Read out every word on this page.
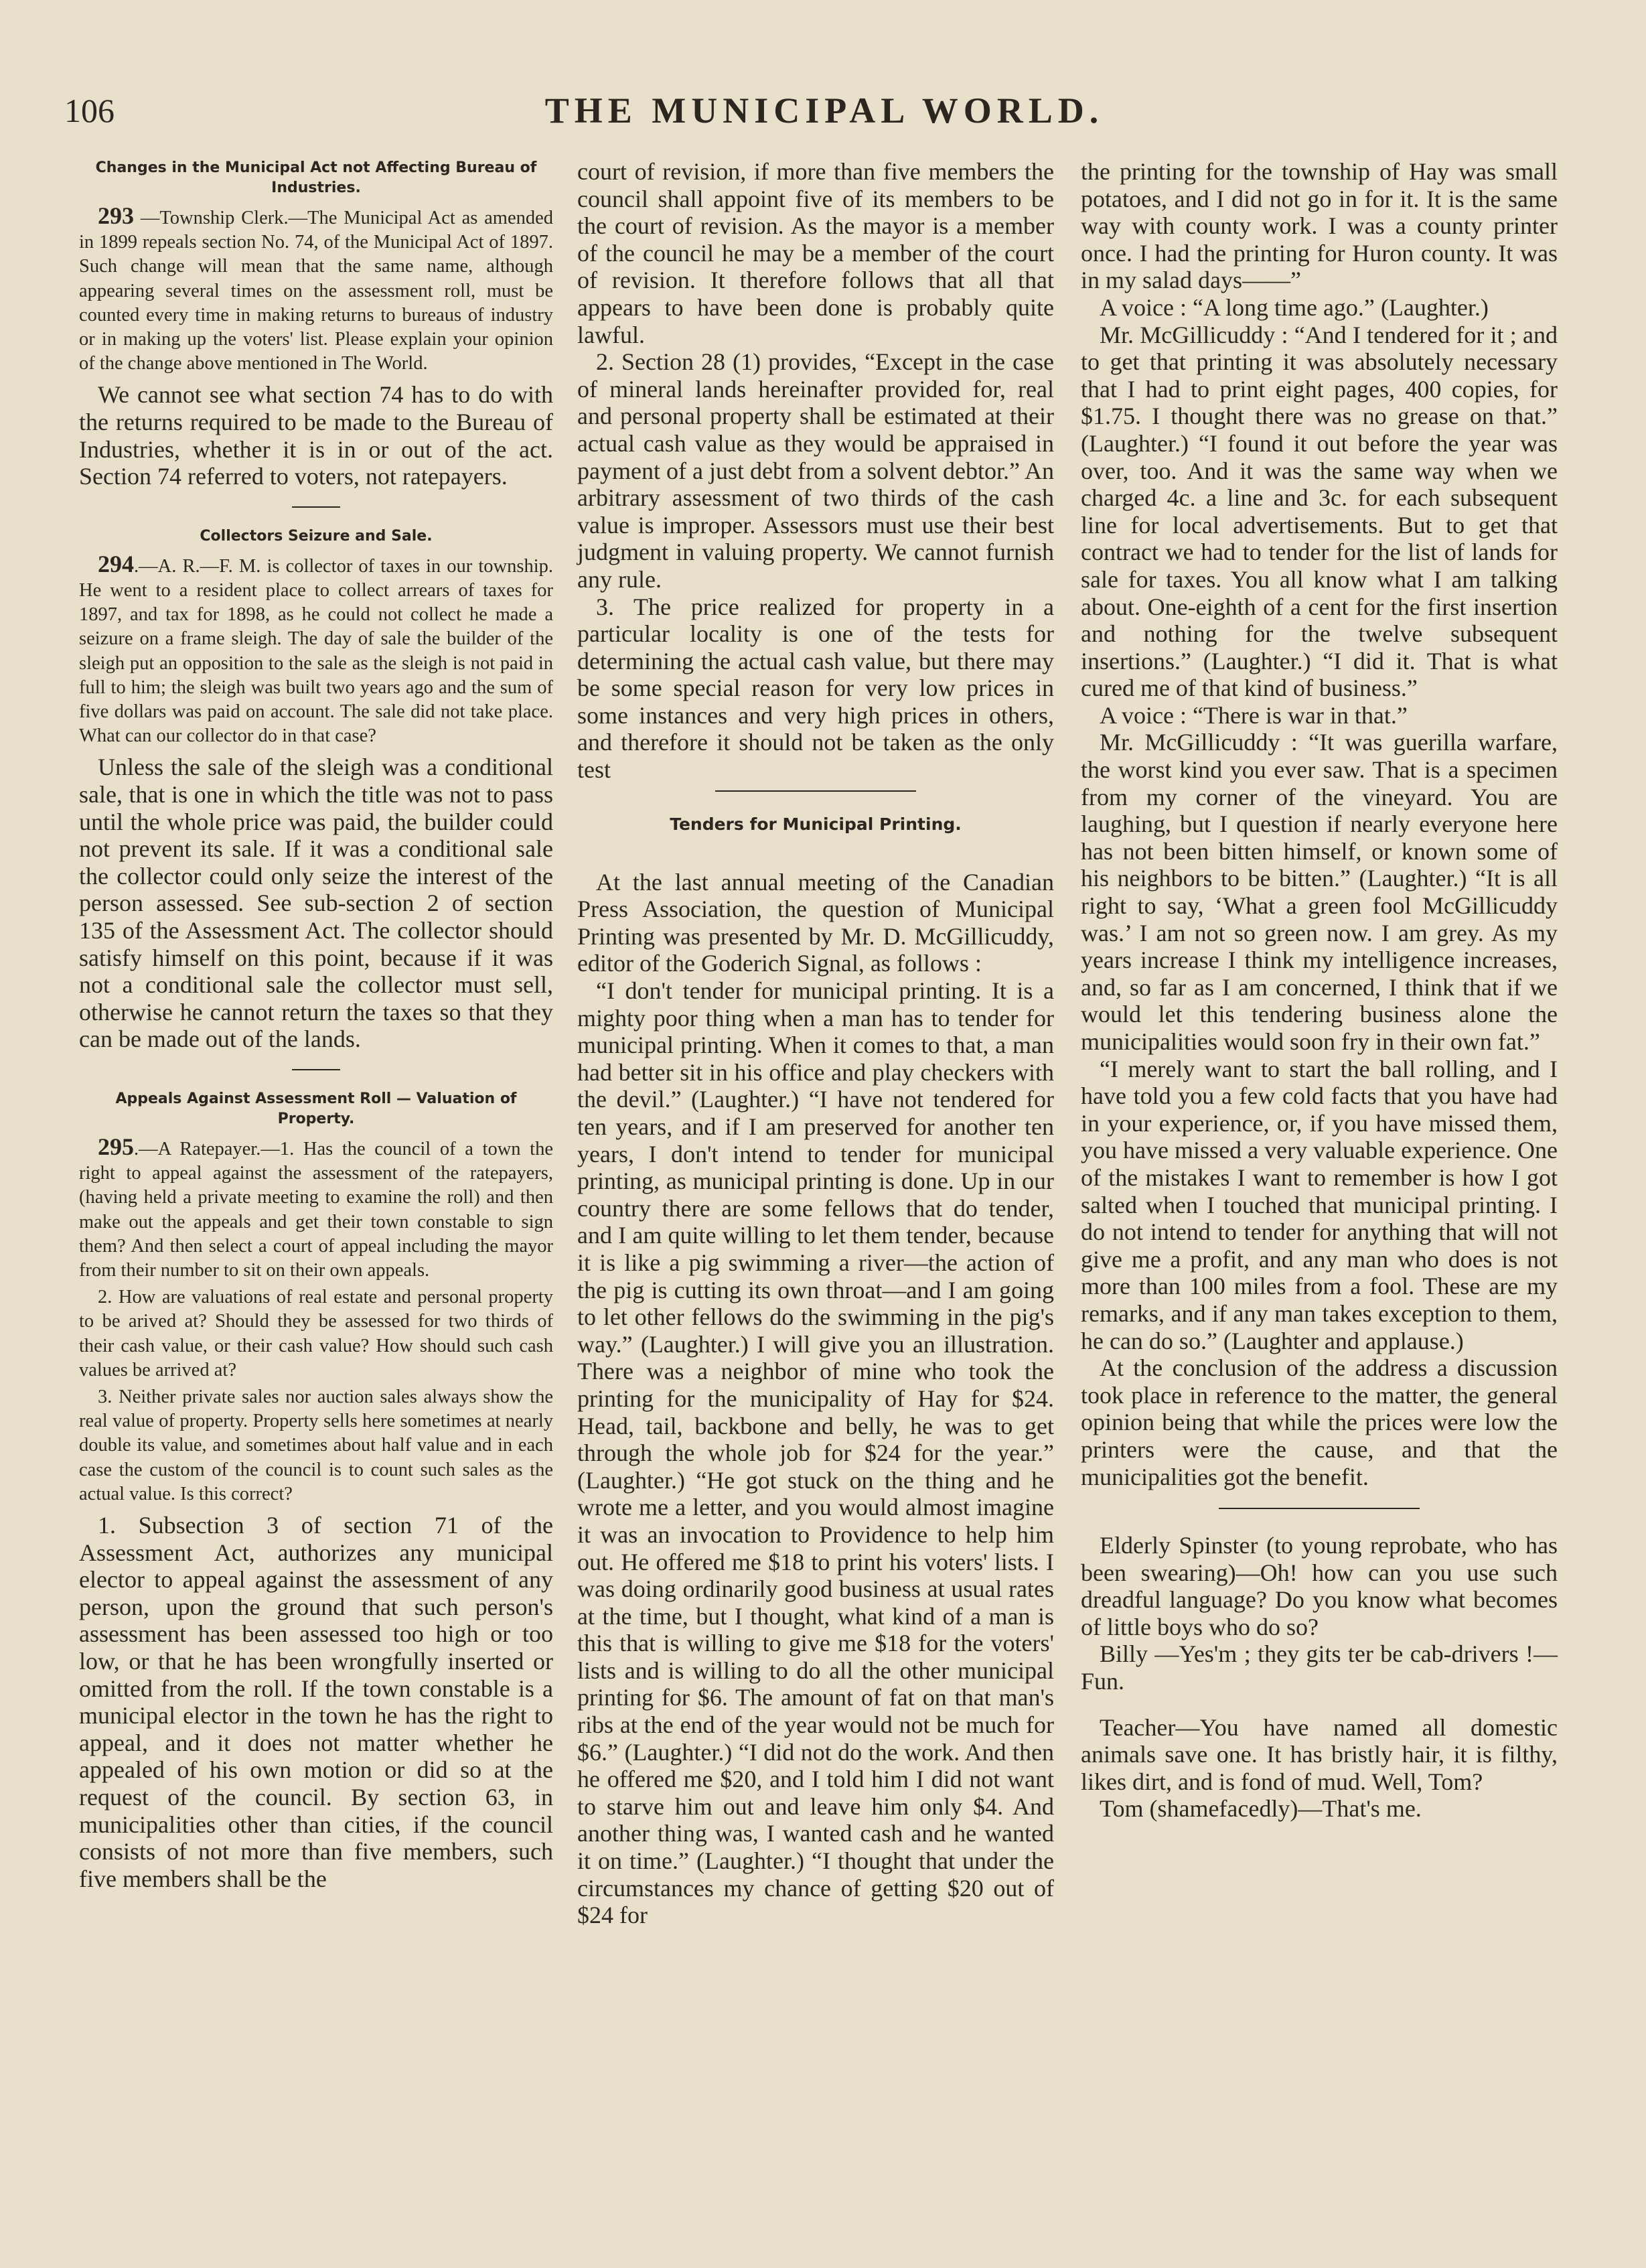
106	THE MUNICIPAL WORLD.
Changes in the Municipal Act not Affecting Bureau of Industries.

293 —Township Clerk.—The Municipal Act as amended in 1899 repeals section No. 74, of the Municipal Act of 1897. Such change will mean that the same name, although appearing several times on the assessment roll, must be counted every time in making returns to bureaus of industry or in making up the voters' list. Please explain your opinion of the change above mentioned in The World.

We cannot see what section 74 has to do with the returns required to be made to the Bureau of Industries, whether it is in or out of the act. Section 74 referred to voters, not ratepayers.

Collectors Seizure and Sale.

294.—A. R.—F. M. is collector of taxes in our township. He went to a resident place to collect arrears of taxes for 1897, and tax for 1898, as he could not collect he made a seizure on a frame sleigh. The day of sale the builder of the sleigh put an opposition to the sale as the sleigh is not paid in full to him; the sleigh was built two years ago and the sum of five dollars was paid on account. The sale did not take place. What can our collector do in that case?

Unless the sale of the sleigh was a conditional sale, that is one in which the title was not to pass until the whole price was paid, the builder could not prevent its sale. If it was a conditional sale the collector could only seize the interest of the person assessed. See sub-section 2 of section 135 of the Assessment Act. The collector should satisfy himself on this point, because if it was not a conditional sale the collector must sell, otherwise he cannot return the taxes so that they can be made out of the lands.

Appeals Against Assessment Roll — Valuation of Property.

295.—A Ratepayer.—1. Has the council of a town the right to appeal against the assessment of the ratepayers, (having held a private meeting to examine the roll) and then make out the appeals and get their town constable to sign them? And then select a court of appeal including the mayor from their number to sit on their own appeals.

2. How are valuations of real estate and personal property to be arived at? Should they be assessed for two thirds of their cash value, or their cash value? How should such cash values be arrived at?

3. Neither private sales nor auction sales always show the real value of property. Property sells here sometimes at nearly double its value, and sometimes about half value and in each case the custom of the council is to count such sales as the actual value. Is this correct?

1. Subsection 3 of section 71 of the Assessment Act, authorizes any municipal elector to appeal against the assessment of any person, upon the ground that such person's assessment has been assessed too high or too low, or that he has been wrongfully inserted or omitted from the roll. If the town constable is a municipal elector in the town he has the right to appeal, and it does not matter whether he appealed of his own motion or did so at the request of the council. By section 63, in municipalities other than cities, if the council consists of not more than five members, such five members shall be the

court of revision, if more than five members the council shall appoint five of its members to be the court of revision. As the mayor is a member of the council he may be a member of the court of revision. It therefore follows that all that appears to have been done is probably quite lawful.

2. Section 28 (1) provides, “Except in the case of mineral lands hereinafter provided for, real and personal property shall be estimated at their actual cash value as they would be appraised in payment of a just debt from a solvent debtor.” An arbitrary assessment of two thirds of the cash value is improper. Assessors must use their best judgment in valuing property. We cannot furnish any rule.

3. The price realized for property in a particular locality is one of the tests for determining the actual cash value, but there may be some special reason for very low prices in some instances and very high prices in others, and therefore it should not be taken as the only test

Tenders for Municipal Printing.

At the last annual meeting of the Canadian Press Association, the question of Municipal Printing was presented by Mr. D. McGillicuddy, editor of the Goderich Signal, as follows :

“I don't tender for municipal printing. It is a mighty poor thing when a man has to tender for municipal printing. When it comes to that, a man had better sit in his office and play checkers with the devil.” (Laughter.) “I have not tendered for ten years, and if I am preserved for another ten years, I don't intend to tender for municipal printing, as municipal printing is done. Up in our country there are some fellows that do tender, and I am quite willing to let them tender, because it is like a pig swimming a river—the action of the pig is cutting its own throat—and I am going to let other fellows do the swimming in the pig's way.” (Laughter.) I will give you an illustration. There was a neighbor of mine who took the printing for the municipality of Hay for $24. Head, tail, backbone and belly, he was to get through the whole job for $24 for the year.” (Laughter.) “He got stuck on the thing and he wrote me a letter, and you would almost imagine it was an invocation to Providence to help him out. He offered me $18 to print his voters' lists. I was doing ordinarily good business at usual rates at the time, but I thought, what kind of a man is this that is willing to give me $18 for the voters' lists and is willing to do all the other municipal printing for $6. The amount of fat on that man's ribs at the end of the year would not be much for $6.” (Laughter.) “I did not do the work. And then he offered me $20, and I told him I did not want to starve him out and leave him only $4. And another thing was, I wanted cash and he wanted it on time.” (Laughter.) “I thought that under the circumstances my chance of getting $20 out of $24 for

the printing for the township of Hay was small potatoes, and I did not go in for it. It is the same way with county work. I was a county printer once. I had the printing for Huron county. It was in my salad days——”

A voice : “A long time ago.” (Laughter.)

Mr. McGillicuddy : “And I tendered for it ; and to get that printing it was absolutely necessary that I had to print eight pages, 400 copies, for $1.75. I thought there was no grease on that.” (Laughter.) “I found it out before the year was over, too. And it was the same way when we charged 4c. a line and 3c. for each subsequent line for local advertisements. But to get that contract we had to tender for the list of lands for sale for taxes. You all know what I am talking about. One-eighth of a cent for the first insertion and nothing for the twelve subsequent insertions.” (Laughter.) “I did it. That is what cured me of that kind of business.”

A voice : “There is war in that.”

Mr. McGillicuddy : “It was guerilla warfare, the worst kind you ever saw. That is a specimen from my corner of the vineyard. You are laughing, but I question if nearly everyone here has not been bitten himself, or known some of his neighbors to be bitten.” (Laughter.) “It is all right to say, ‘What a green fool McGillicuddy was.’ I am not so green now. I am grey. As my years increase I think my intelligence increases, and, so far as I am concerned, I think that if we would let this tendering business alone the municipalities would soon fry in their own fat.”

“I merely want to start the ball rolling, and I have told you a few cold facts that you have had in your experience, or, if you have missed them, you have missed a very valuable experience. One of the mistakes I want to remember is how I got salted when I touched that municipal printing. I do not intend to tender for anything that will not give me a profit, and any man who does is not more than 100 miles from a fool. These are my remarks, and if any man takes exception to them, he can do so.” (Laughter and applause.)

At the conclusion of the address a discussion took place in reference to the matter, the general opinion being that while the prices were low the printers were the cause, and that the municipalities got the benefit.

Elderly Spinster (to young reprobate, who has been swearing)—Oh! how can you use such dreadful language? Do you know what becomes of little boys who do so?

Billy —Yes'm ; they gits ter be cab-drivers !—Fun.

Teacher—You have named all domestic animals save one. It has bristly hair, it is filthy, likes dirt, and is fond of mud. Well, Tom?

Tom (shamefacedly)—That's me.
